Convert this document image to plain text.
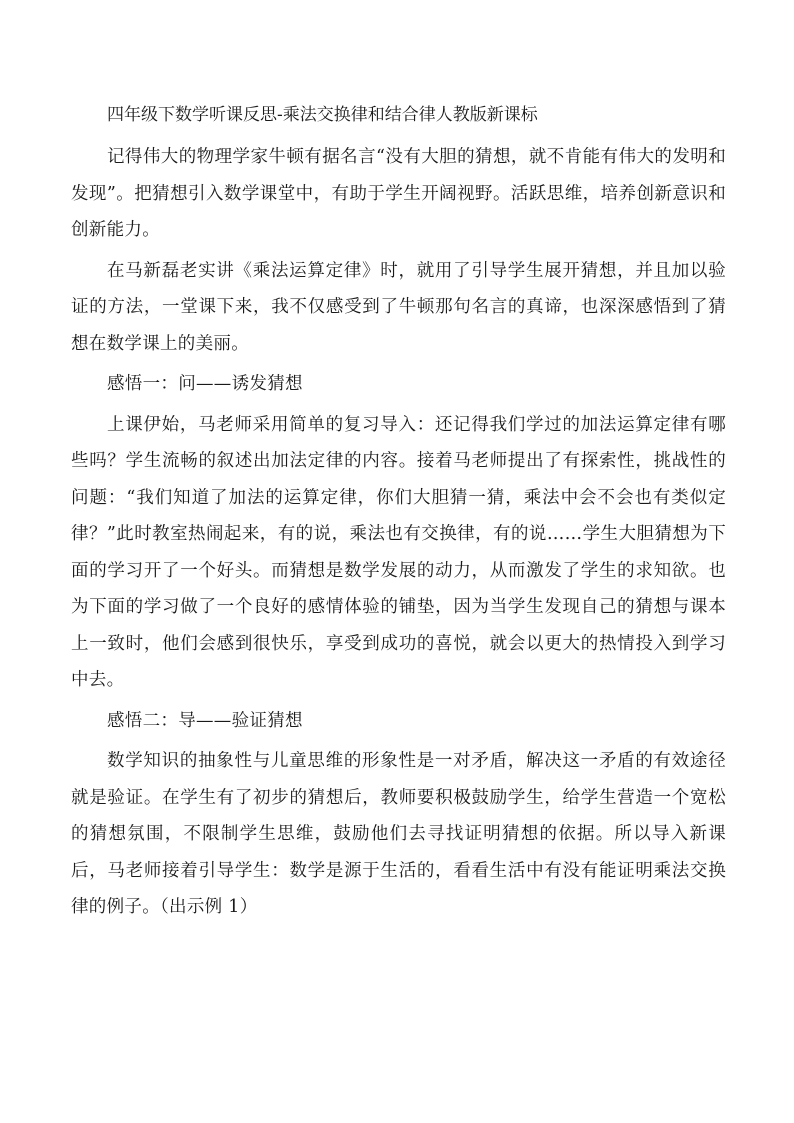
四年级下数学听课反思-乘法交换律和结合律人教版新课标

记得伟大的物理学家牛顿有据名言“没有大胆的猜想，就不肯能有伟大的发明和发现”。把猜想引入数学课堂中，有助于学生开阔视野。活跃思维，培养创新意识和创新能力。

在马新磊老实讲《乘法运算定律》时，就用了引导学生展开猜想，并且加以验证的方法，一堂课下来，我不仅感受到了牛顿那句名言的真谛，也深深感悟到了猜想在数学课上的美丽。

感悟一：问——诱发猜想

上课伊始，马老师采用简单的复习导入：还记得我们学过的加法运算定律有哪些吗？学生流畅的叙述出加法定律的内容。接着马老师提出了有探索性，挑战性的问题：“我们知道了加法的运算定律，你们大胆猜一猜，乘法中会不会也有类似定律？”此时教室热闹起来，有的说，乘法也有交换律，有的说……学生大胆猜想为下面的学习开了一个好头。而猜想是数学发展的动力，从而激发了学生的求知欲。也为下面的学习做了一个良好的感情体验的铺垫，因为当学生发现自己的猜想与课本上一致时，他们会感到很快乐，享受到成功的喜悦，就会以更大的热情投入到学习中去。

感悟二：导——验证猜想

数学知识的抽象性与儿童思维的形象性是一对矛盾，解决这一矛盾的有效途径就是验证。在学生有了初步的猜想后，教师要积极鼓励学生，给学生营造一个宽松的猜想氛围，不限制学生思维，鼓励他们去寻找证明猜想的依据。所以导入新课后，马老师接着引导学生：数学是源于生活的，看看生活中有没有能证明乘法交换律的例子。（出示例 1）
